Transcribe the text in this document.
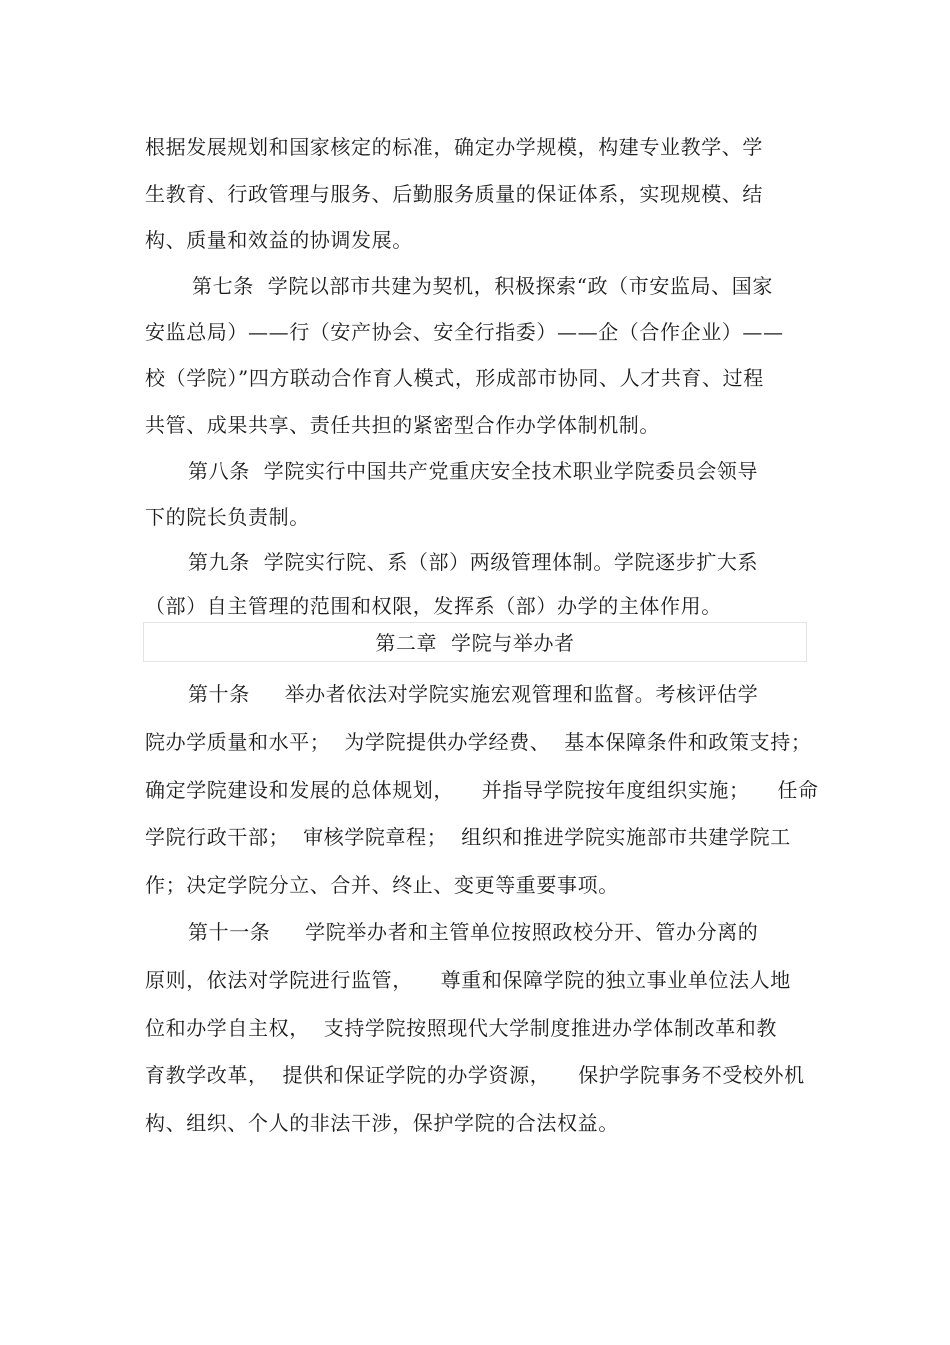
根据发展规划和国家核定的标准，确定办学规模，构建专业教学、学
生教育、行政管理与服务、后勤服务质量的保证体系，实现规模、结
构、质量和效益的协调发展。
第七条  学院以部市共建为契机，积极探索“政（市安监局、国家
安监总局）——行（安产协会、安全行指委）——企（合作企业）——
校（学院）”四方联动合作育人模式，形成部市协同、人才共育、过程
共管、成果共享、责任共担的紧密型合作办学体制机制。
第八条  学院实行中国共产党重庆安全技术职业学院委员会领导
下的院长负责制。
第九条  学院实行院、系（部）两级管理体制。学院逐步扩大系
（部）自主管理的范围和权限，发挥系（部）办学的主体作用。
第二章  学院与举办者
第十条     举办者依法对学院实施宏观管理和监督。考核评估学
院办学质量和水平；  为学院提供办学经费、  基本保障条件和政策支持；
确定学院建设和发展的总体规划，    并指导学院按年度组织实施；    任命
学院行政干部；  审核学院章程；  组织和推进学院实施部市共建学院工
作；决定学院分立、合并、终止、变更等重要事项。
第十一条     学院举办者和主管单位按照政校分开、管办分离的
原则，依法对学院进行监管，    尊重和保障学院的独立事业单位法人地
位和办学自主权，  支持学院按照现代大学制度推进办学体制改革和教
育教学改革，  提供和保证学院的办学资源，    保护学院事务不受校外机
构、组织、个人的非法干涉，保护学院的合法权益。
